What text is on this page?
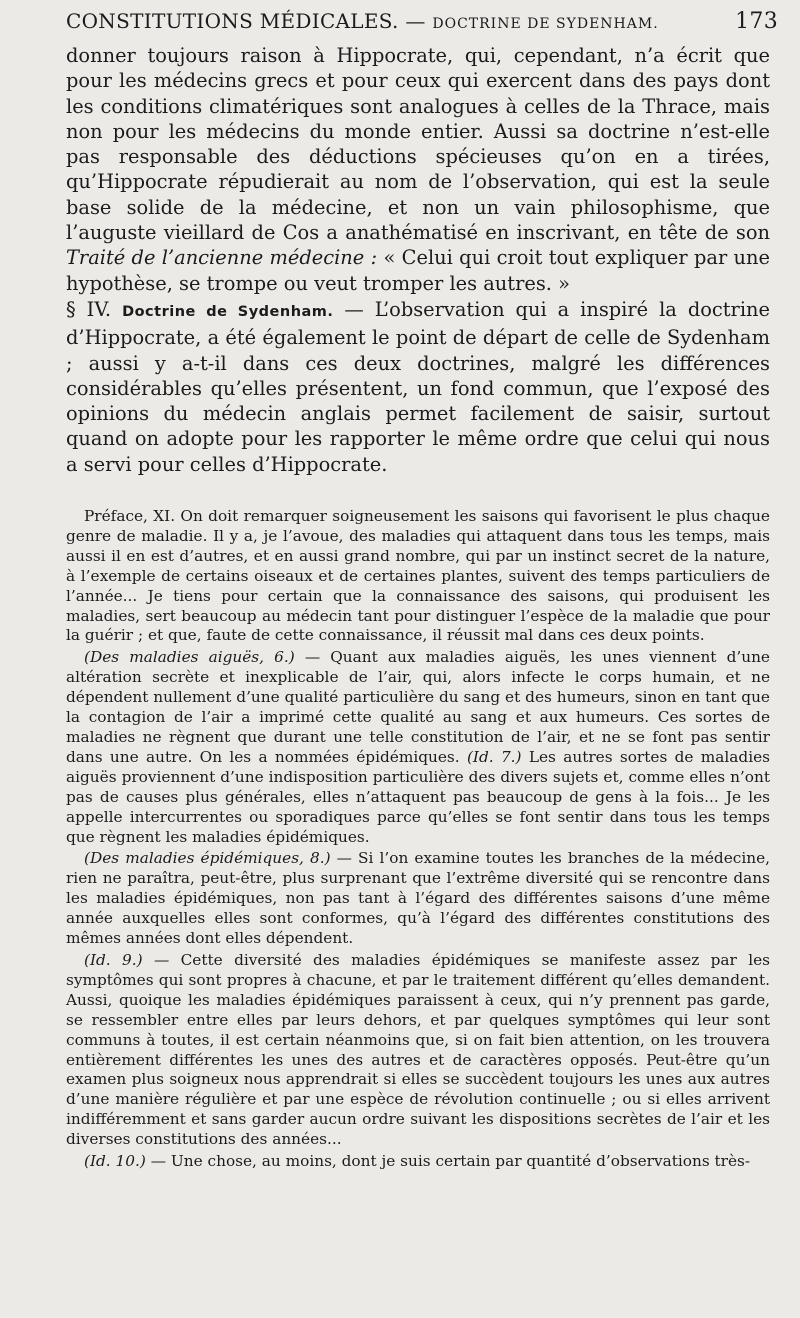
CONSTITUTIONS MÉDICALES. — DOCTRINE DE SYDENHAM.	173

donner toujours raison à Hippocrate, qui, cependant, n’a écrit que pour les médecins grecs et pour ceux qui exercent dans des pays dont les conditions climatériques sont analogues à celles de la Thrace, mais non pour les médecins du monde entier. Aussi sa doctrine n’est-elle pas responsable des déductions spécieuses qu’on en a tirées, qu’Hippocrate répudierait au nom de l’observation, qui est la seule base solide de la médecine, et non un vain philosophisme, que l’auguste vieillard de Cos a anathématisé en inscrivant, en tête de son Traité de l’ancienne médecine : « Celui qui croit tout expliquer par une hypothèse, se trompe ou veut tromper les autres. »

§ IV. Doctrine de Sydenham. — L’observation qui a inspiré la doctrine d’Hippocrate, a été également le point de départ de celle de Sydenham ; aussi y a-t-il dans ces deux doctrines, malgré les différences considérables qu’elles présentent, un fond commun, que l’exposé des opinions du médecin anglais permet facilement de saisir, surtout quand on adopte pour les rapporter le même ordre que celui qui nous a servi pour celles d’Hippocrate.

Préface, XI. On doit remarquer soigneusement les saisons qui favorisent le plus chaque genre de maladie. Il y a, je l’avoue, des maladies qui attaquent dans tous les temps, mais aussi il en est d’autres, et en aussi grand nombre, qui par un instinct secret de la nature, à l’exemple de certains oiseaux et de certaines plantes, suivent des temps particuliers de l’année... Je tiens pour certain que la connaissance des saisons, qui produisent les maladies, sert beaucoup au médecin tant pour distinguer l’espèce de la maladie que pour la guérir ; et que, faute de cette connaissance, il réussit mal dans ces deux points.

(Des maladies aiguës, 6.) — Quant aux maladies aiguës, les unes viennent d’une altération secrète et inexplicable de l’air, qui, alors infecte le corps humain, et ne dépendent nullement d’une qualité particulière du sang et des humeurs, sinon en tant que la contagion de l’air a imprimé cette qualité au sang et aux humeurs. Ces sortes de maladies ne règnent que durant une telle constitution de l’air, et ne se font pas sentir dans une autre. On les a nommées épidémiques. (Id. 7.) Les autres sortes de maladies aiguës proviennent d’une indisposition particulière des divers sujets et, comme elles n’ont pas de causes plus générales, elles n’attaquent pas beaucoup de gens à la fois... Je les appelle intercurrentes ou sporadiques parce qu’elles se font sentir dans tous les temps que règnent les maladies épidémiques.

(Des maladies épidémiques, 8.) — Si l’on examine toutes les branches de la médecine, rien ne paraîtra, peut-être, plus surprenant que l’extrême diversité qui se rencontre dans les maladies épidémiques, non pas tant à l’égard des différentes saisons d’une même année auxquelles elles sont conformes, qu’à l’égard des différentes constitutions des mêmes années dont elles dépendent.

(Id. 9.) — Cette diversité des maladies épidémiques se manifeste assez par les symptômes qui sont propres à chacune, et par le traitement différent qu’elles demandent. Aussi, quoique les maladies épidémiques paraissent à ceux, qui n’y prennent pas garde, se ressembler entre elles par leurs dehors, et par quelques symptômes qui leur sont communs à toutes, il est certain néanmoins que, si on fait bien attention, on les trouvera entièrement différentes les unes des autres et de caractères opposés. Peut-être qu’un examen plus soigneux nous apprendrait si elles se succèdent toujours les unes aux autres d’une manière régulière et par une espèce de révolution continuelle ; ou si elles arrivent indifféremment et sans garder aucun ordre suivant les dispositions secrètes de l’air et les diverses constitutions des années...

(Id. 10.) — Une chose, au moins, dont je suis certain par quantité d’observations très-
